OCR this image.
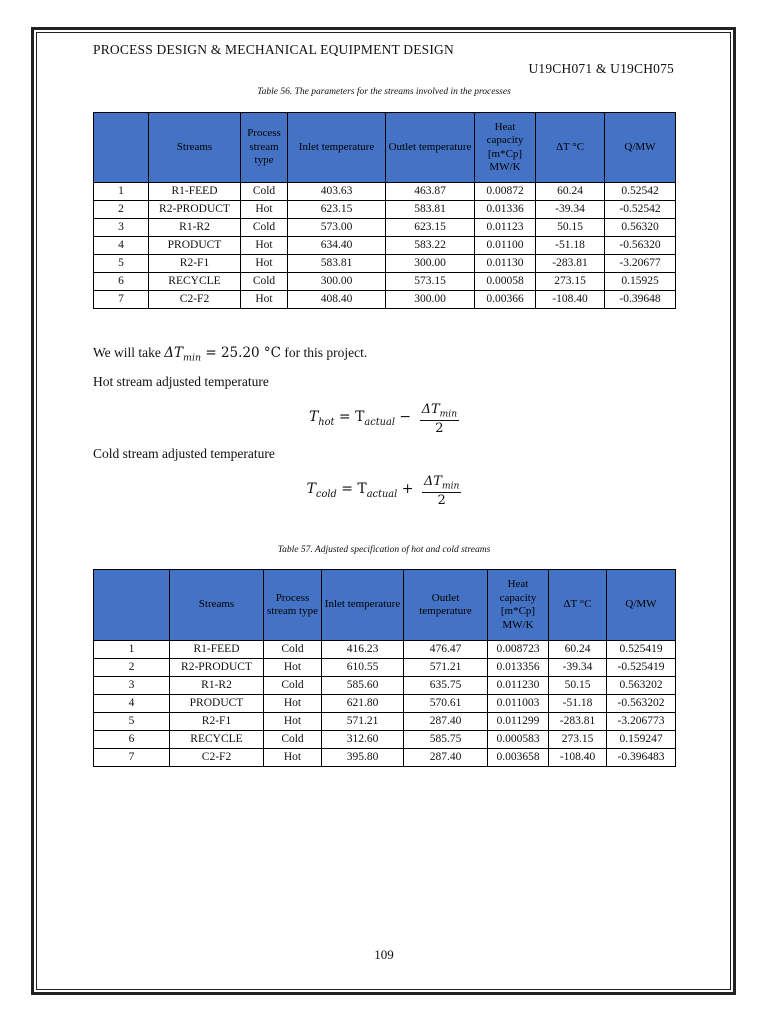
PROCESS DESIGN & MECHANICAL EQUIPMENT DESIGN
U19CH071 & U19CH075
Table 56. The parameters for the streams involved in the processes
	Streams	Process stream type	Inlet temperature	Outlet temperature	Heat capacity [m*Cp] MW/K	ΔT °C	Q/MW
1	R1-FEED	Cold	403.63	463.87	0.00872	60.24	0.52542
2	R2-PRODUCT	Hot	623.15	583.81	0.01336	-39.34	-0.52542
3	R1-R2	Cold	573.00	623.15	0.01123	50.15	0.56320
4	PRODUCT	Hot	634.40	583.22	0.01100	-51.18	-0.56320
5	R2-F1	Hot	583.81	300.00	0.01130	-283.81	-3.20677
6	RECYCLE	Cold	300.00	573.15	0.00058	273.15	0.15925
7	C2-F2	Hot	408.40	300.00	0.00366	-108.40	-0.39648
We will take $\Delta T_{min} = 25.20$ °C for this project.
Hot stream adjusted temperature
$T_{hot} = T_{actual} - \frac{\Delta T_{min}}{2}$
Cold stream adjusted temperature
$T_{cold} = T_{actual} + \frac{\Delta T_{min}}{2}$
Table 57. Adjusted specification of hot and cold streams
	Streams	Process stream type	Inlet temperature	Outlet temperature	Heat capacity [m*Cp] MW/K	ΔT °C	Q/MW
1	R1-FEED	Cold	416.23	476.47	0.008723	60.24	0.525419
2	R2-PRODUCT	Hot	610.55	571.21	0.013356	-39.34	-0.525419
3	R1-R2	Cold	585.60	635.75	0.011230	50.15	0.563202
4	PRODUCT	Hot	621.80	570.61	0.011003	-51.18	-0.563202
5	R2-F1	Hot	571.21	287.40	0.011299	-283.81	-3.206773
6	RECYCLE	Cold	312.60	585.75	0.000583	273.15	0.159247
7	C2-F2	Hot	395.80	287.40	0.003658	-108.40	-0.396483
109
